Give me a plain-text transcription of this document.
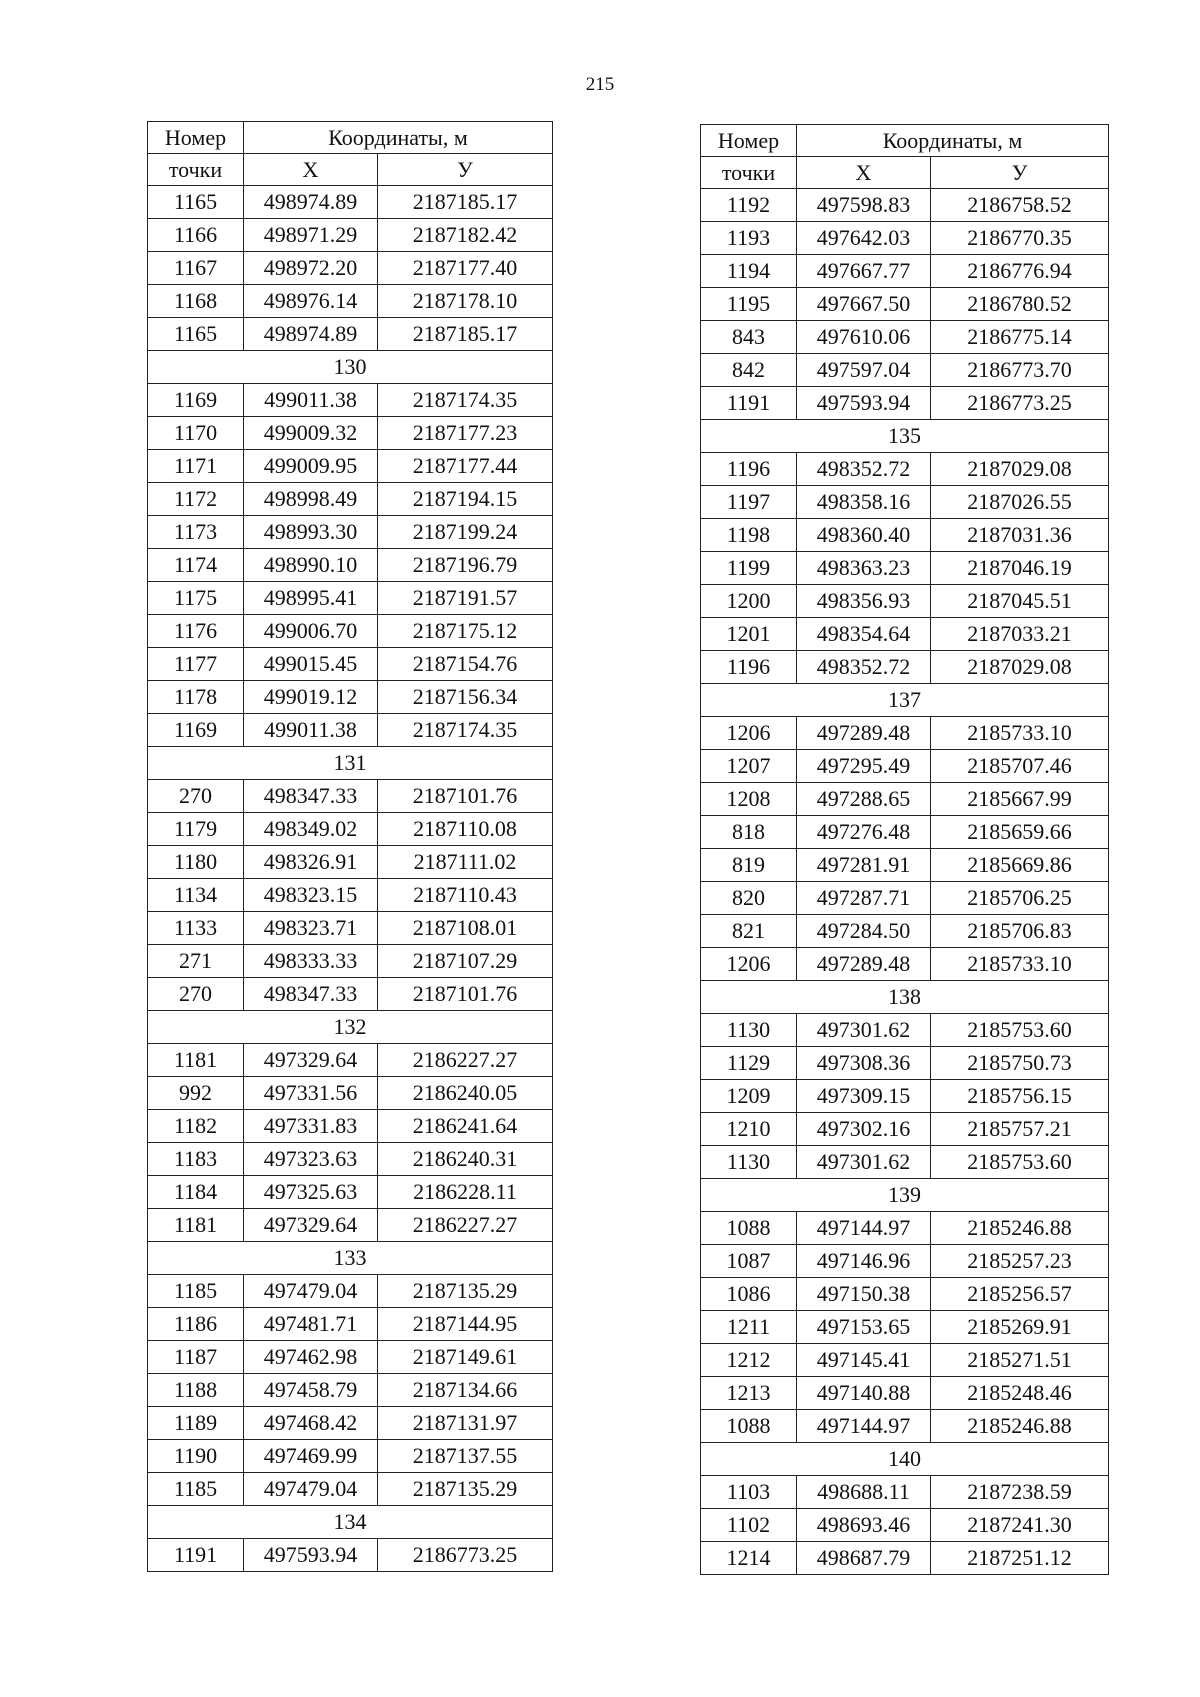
215
Номер	Координаты, м	
точки	X	У
1165	498974.89	2187185.17
1166	498971.29	2187182.42
1167	498972.20	2187177.40
1168	498976.14	2187178.10
1165	498974.89	2187185.17
130		
1169	499011.38	2187174.35
1170	499009.32	2187177.23
1171	499009.95	2187177.44
1172	498998.49	2187194.15
1173	498993.30	2187199.24
1174	498990.10	2187196.79
1175	498995.41	2187191.57
1176	499006.70	2187175.12
1177	499015.45	2187154.76
1178	499019.12	2187156.34
1169	499011.38	2187174.35
131		
270	498347.33	2187101.76
1179	498349.02	2187110.08
1180	498326.91	2187111.02
1134	498323.15	2187110.43
1133	498323.71	2187108.01
271	498333.33	2187107.29
270	498347.33	2187101.76
132		
1181	497329.64	2186227.27
992	497331.56	2186240.05
1182	497331.83	2186241.64
1183	497323.63	2186240.31
1184	497325.63	2186228.11
1181	497329.64	2186227.27
133		
1185	497479.04	2187135.29
1186	497481.71	2187144.95
1187	497462.98	2187149.61
1188	497458.79	2187134.66
1189	497468.42	2187131.97
1190	497469.99	2187137.55
1185	497479.04	2187135.29
134		
1191	497593.94	2186773.25
Номер	Координаты, м	
точки	X	У
1192	497598.83	2186758.52
1193	497642.03	2186770.35
1194	497667.77	2186776.94
1195	497667.50	2186780.52
843	497610.06	2186775.14
842	497597.04	2186773.70
1191	497593.94	2186773.25
135		
1196	498352.72	2187029.08
1197	498358.16	2187026.55
1198	498360.40	2187031.36
1199	498363.23	2187046.19
1200	498356.93	2187045.51
1201	498354.64	2187033.21
1196	498352.72	2187029.08
137		
1206	497289.48	2185733.10
1207	497295.49	2185707.46
1208	497288.65	2185667.99
818	497276.48	2185659.66
819	497281.91	2185669.86
820	497287.71	2185706.25
821	497284.50	2185706.83
1206	497289.48	2185733.10
138		
1130	497301.62	2185753.60
1129	497308.36	2185750.73
1209	497309.15	2185756.15
1210	497302.16	2185757.21
1130	497301.62	2185753.60
139		
1088	497144.97	2185246.88
1087	497146.96	2185257.23
1086	497150.38	2185256.57
1211	497153.65	2185269.91
1212	497145.41	2185271.51
1213	497140.88	2185248.46
1088	497144.97	2185246.88
140		
1103	498688.11	2187238.59
1102	498693.46	2187241.30
1214	498687.79	2187251.12
